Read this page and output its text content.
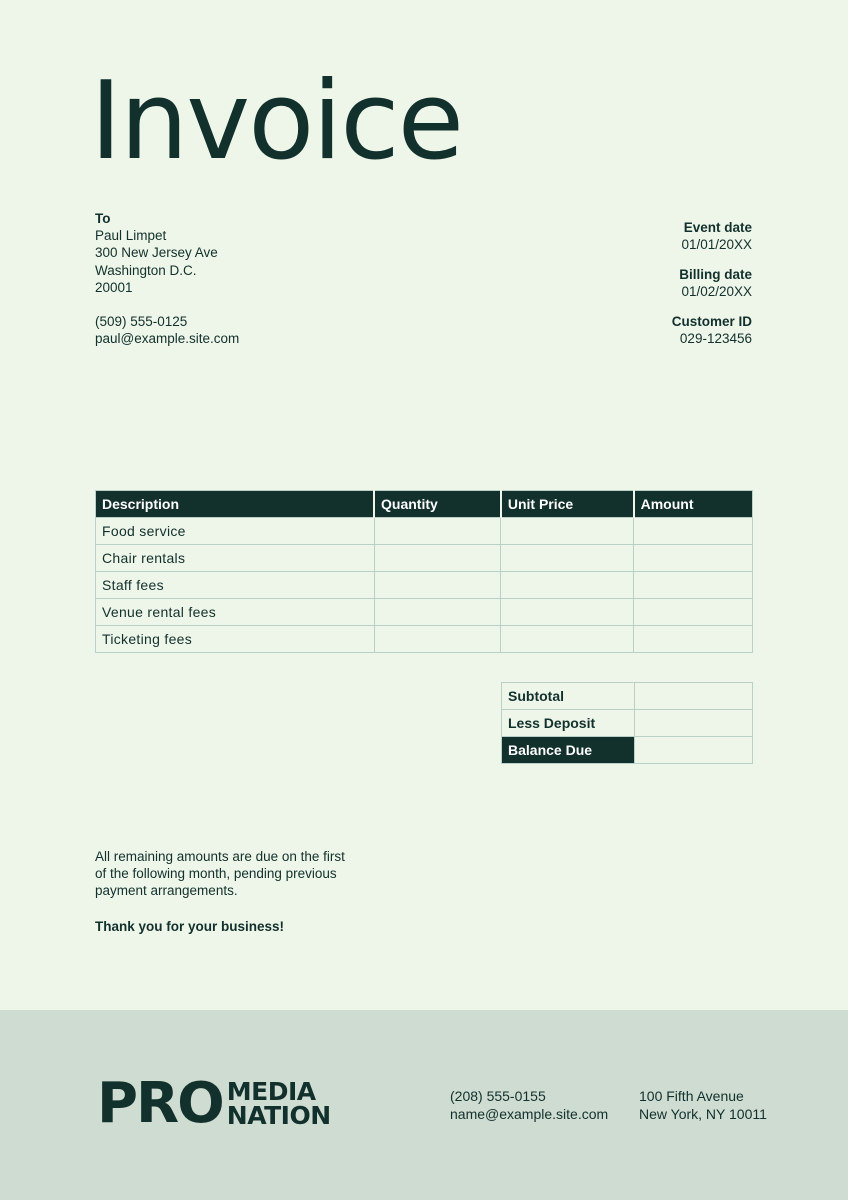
Invoice
To
Paul Limpet
300 New Jersey Ave
Washington D.C.
20001
(509) 555-0125
paul@example.site.com
Event date
01/01/20XX
Billing date
01/02/20XX
Customer ID
029-123456
Description	Quantity	Unit Price	Amount
Food service			
Chair rentals			
Staff fees			
Venue rental fees			
Ticketing fees			
Subtotal	
Less Deposit	
Balance Due	
All remaining amounts are due on the first of the following month, pending previous payment arrangements.
Thank you for your business!
PRO MEDIA
NATION
(208) 555-0155
name@example.site.com
100 Fifth Avenue
New York, NY 10011
